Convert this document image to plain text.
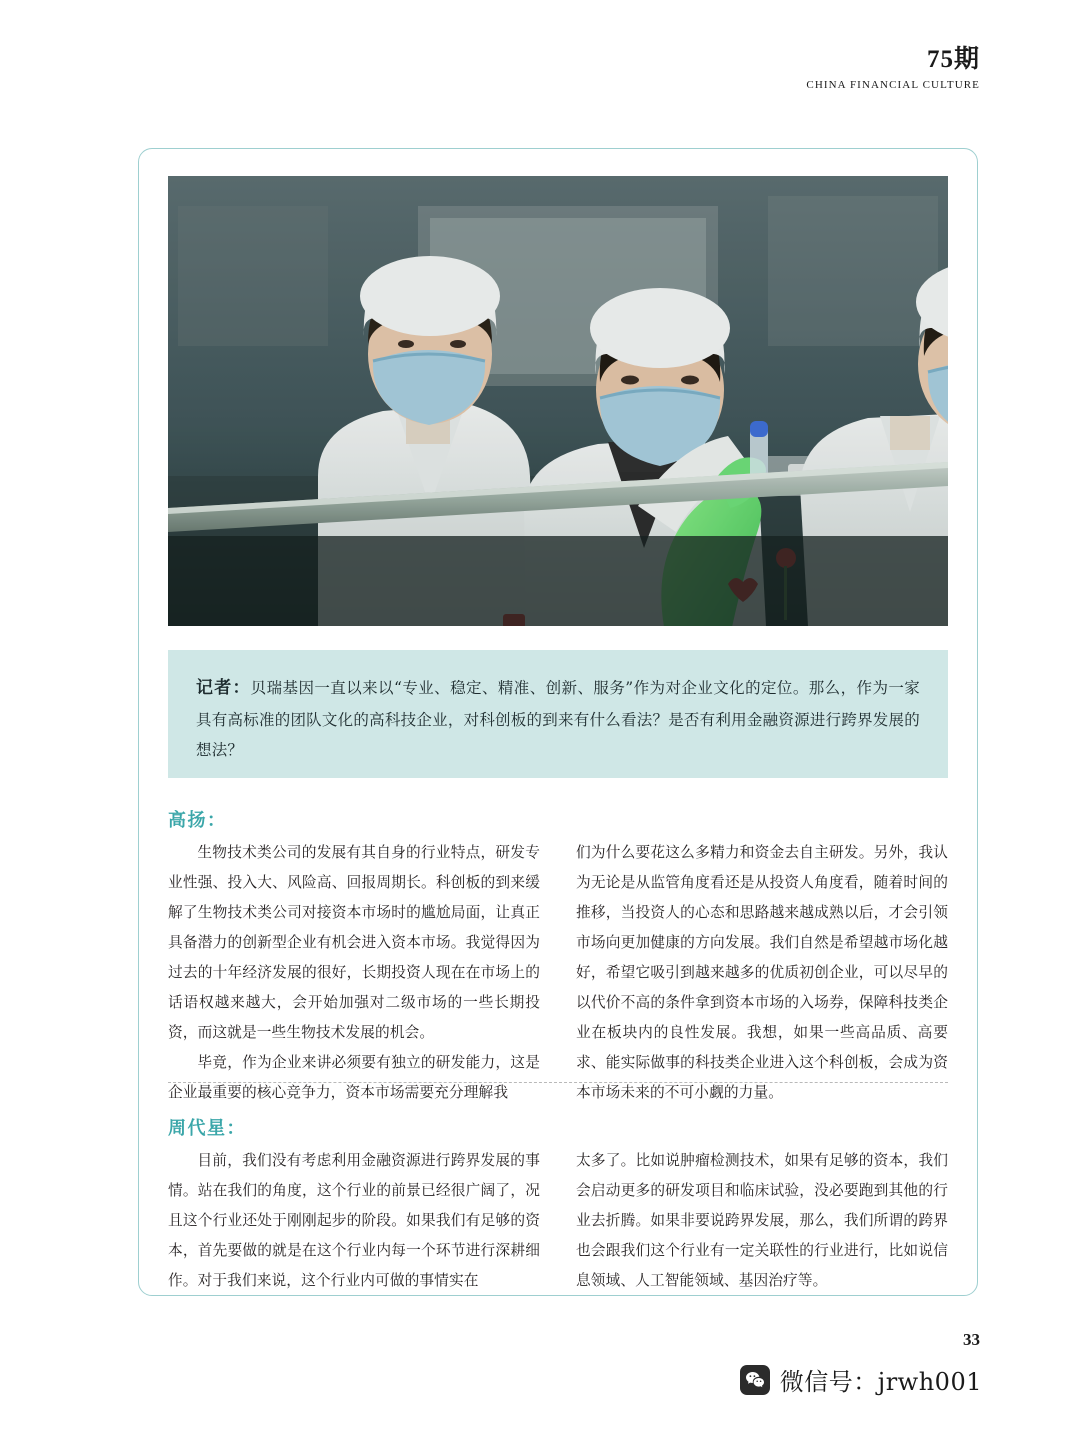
75期
CHINA FINANCIAL CULTURE
记者：贝瑞基因一直以来以“专业、稳定、精准、创新、服务”作为对企业文化的定位。那么，作为一家具有高标准的团队文化的高科技企业，对科创板的到来有什么看法？是否有利用金融资源进行跨界发展的想法？
高扬：

生物技术类公司的发展有其自身的行业特点，研发专业性强、投入大、风险高、回报周期长。科创板的到来缓解了生物技术类公司对接资本市场时的尴尬局面，让真正具备潜力的创新型企业有机会进入资本市场。我觉得因为过去的十年经济发展的很好，长期投资人现在在市场上的话语权越来越大，会开始加强对二级市场的一些长期投资，而这就是一些生物技术发展的机会。

毕竟，作为企业来讲必须要有独立的研发能力，这是企业最重要的核心竞争力，资本市场需要充分理解我

们为什么要花这么多精力和资金去自主研发。另外，我认为无论是从监管角度看还是从投资人角度看，随着时间的推移，当投资人的心态和思路越来越成熟以后，才会引领市场向更加健康的方向发展。我们自然是希望越市场化越好，希望它吸引到越来越多的优质初创企业，可以尽早的以代价不高的条件拿到资本市场的入场券，保障科技类企业在板块内的良性发展。我想，如果一些高品质、高要求、能实际做事的科技类企业进入这个科创板，会成为资本市场未来的不可小觑的力量。

周代星：

目前，我们没有考虑利用金融资源进行跨界发展的事情。站在我们的角度，这个行业的前景已经很广阔了，况且这个行业还处于刚刚起步的阶段。如果我们有足够的资本，首先要做的就是在这个行业内每一个环节进行深耕细作。对于我们来说，这个行业内可做的事情实在

太多了。比如说肿瘤检测技术，如果有足够的资本，我们会启动更多的研发项目和临床试验，没必要跑到其他的行业去折腾。如果非要说跨界发展，那么，我们所谓的跨界也会跟我们这个行业有一定关联性的行业进行，比如说信息领域、人工智能领域、基因治疗等。

33
微信号：jrwh001
